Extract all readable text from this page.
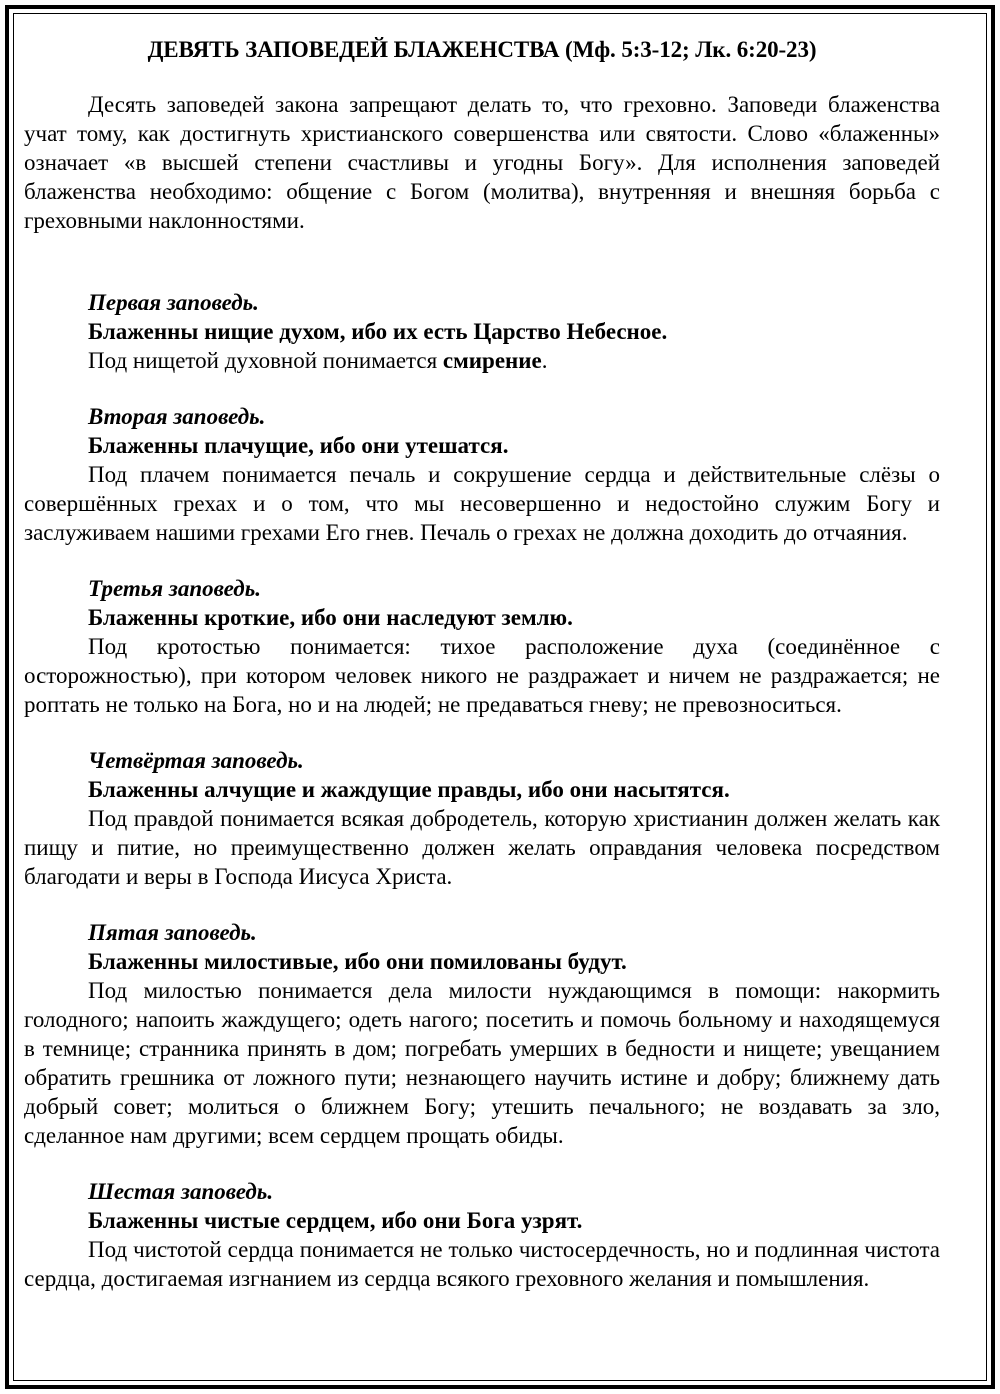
ДЕВЯТЬ ЗАПОВЕДЕЙ БЛАЖЕНСТВА (Мф. 5:3-12; Лк. 6:20-23)

Десять заповедей закона запрещают делать то, что греховно. Заповеди блаженства учат тому, как достигнуть христианского совершенства или святости. Слово «блаженны» означает «в высшей степени счастливы и угодны Богу». Для исполнения заповедей блаженства необходимо: общение с Богом (молитва), внутренняя и внешняя борьба с греховными наклонностями.

Первая заповедь.

Блаженны нищие духом, ибо их есть Царство Небесное.

Под нищетой духовной понимается смирение.

Вторая заповедь.

Блаженны плачущие, ибо они утешатся.

Под плачем понимается печаль и сокрушение сердца и действительные слёзы о совершённых грехах и о том, что мы несовершенно и недостойно служим Богу и заслуживаем нашими грехами Его гнев. Печаль о грехах не должна доходить до отчаяния.

Третья заповедь.

Блаженны кроткие, ибо они наследуют землю.

Под кротостью понимается: тихое расположение духа (соединённое с осторожностью), при котором человек никого не раздражает и ничем не раздражается; не роптать не только на Бога, но и на людей; не предаваться гневу; не превозноситься.

Четвёртая заповедь.

Блаженны алчущие и жаждущие правды, ибо они насытятся.

Под правдой понимается всякая добродетель, которую христианин должен желать как пищу и питие, но преимущественно должен желать оправдания человека посредством благодати и веры в Господа Иисуса Христа.

Пятая заповедь.

Блаженны милостивые, ибо они помилованы будут.

Под милостью понимается дела милости нуждающимся в помощи: накормить голодного; напоить жаждущего; одеть нагого; посетить и помочь больному и находящемуся в темнице; странника принять в дом; погребать умерших в бедности и нищете; увещанием обратить грешника от ложного пути; незнающего научить истине и добру; ближнему дать добрый совет; молиться о ближнем Богу; утешить печального; не воздавать за зло, сделанное нам другими; всем сердцем прощать обиды.

Шестая заповедь.

Блаженны чистые сердцем, ибо они Бога узрят.

Под чистотой сердца понимается не только чистосердечность, но и подлинная чистота сердца, достигаемая изгнанием из сердца всякого греховного желания и помышления.
